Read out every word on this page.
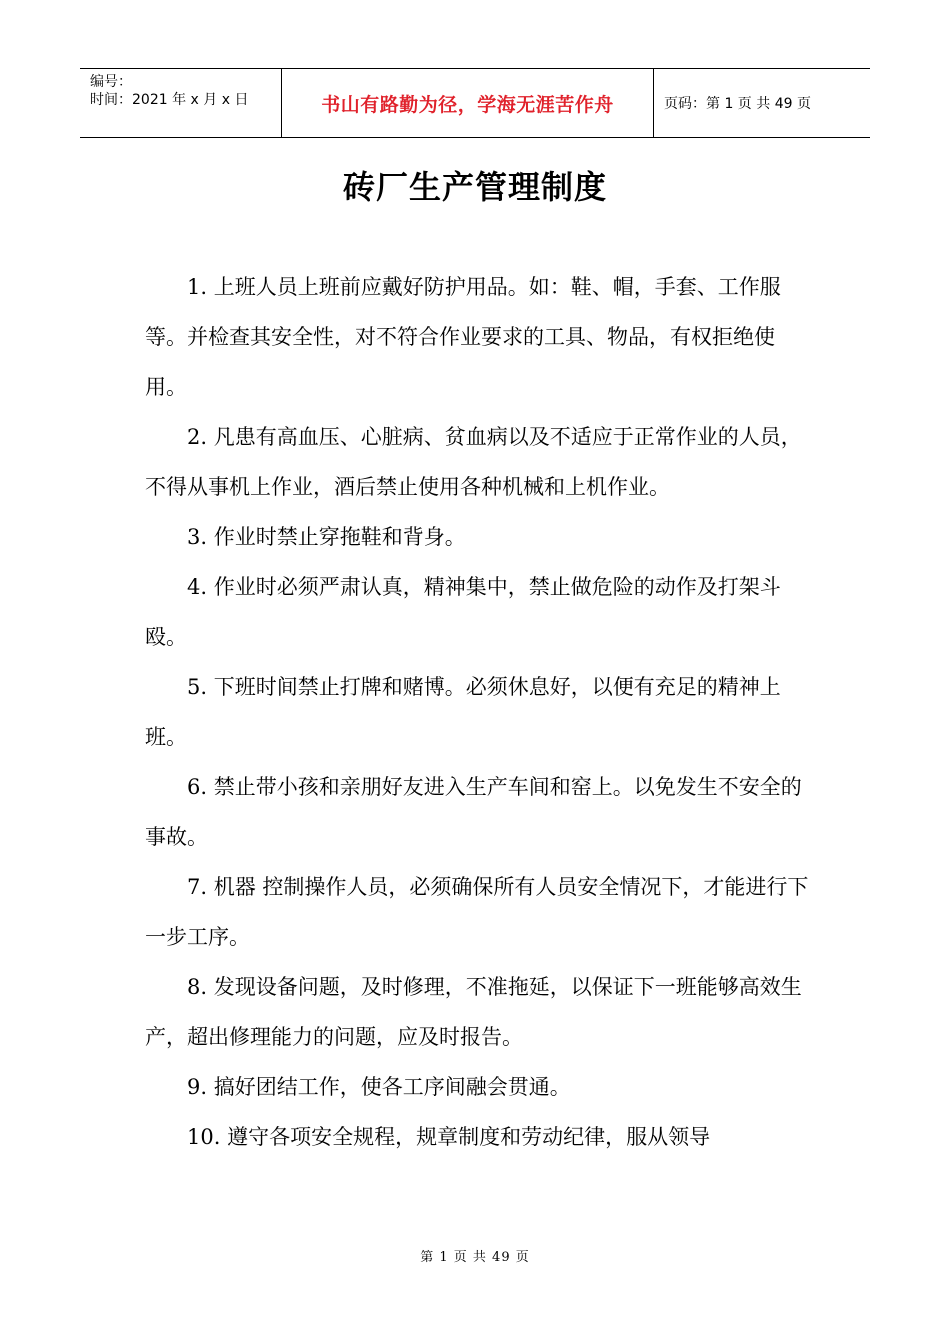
编号：
时间：2021 年 x 月 x 日	书山有路勤为径，学海无涯苦作舟	页码：第 1 页 共 49 页
砖厂生产管理制度

1. 上班人员上班前应戴好防护用品。如：鞋、帽，手套、工作服等。并检查其安全性，对不符合作业要求的工具、物品，有权拒绝使用。

2. 凡患有高血压、心脏病、贫血病以及不适应于正常作业的人员，不得从事机上作业，酒后禁止使用各种机械和上机作业。

3. 作业时禁止穿拖鞋和背身。

4. 作业时必须严肃认真，精神集中，禁止做危险的动作及打架斗殴。

5. 下班时间禁止打牌和赌博。必须休息好，以便有充足的精神上班。

6. 禁止带小孩和亲朋好友进入生产车间和窑上。以免发生不安全的事故。

7. 机器 控制操作人员，必须确保所有人员安全情况下，才能进行下一步工序。

8. 发现设备问题，及时修理，不准拖延，以保证下一班能够高效生产，超出修理能力的问题，应及时报告。

9. 搞好团结工作，使各工序间融会贯通。

10. 遵守各项安全规程，规章制度和劳动纪律，服从领导

第 1 页 共 49 页
